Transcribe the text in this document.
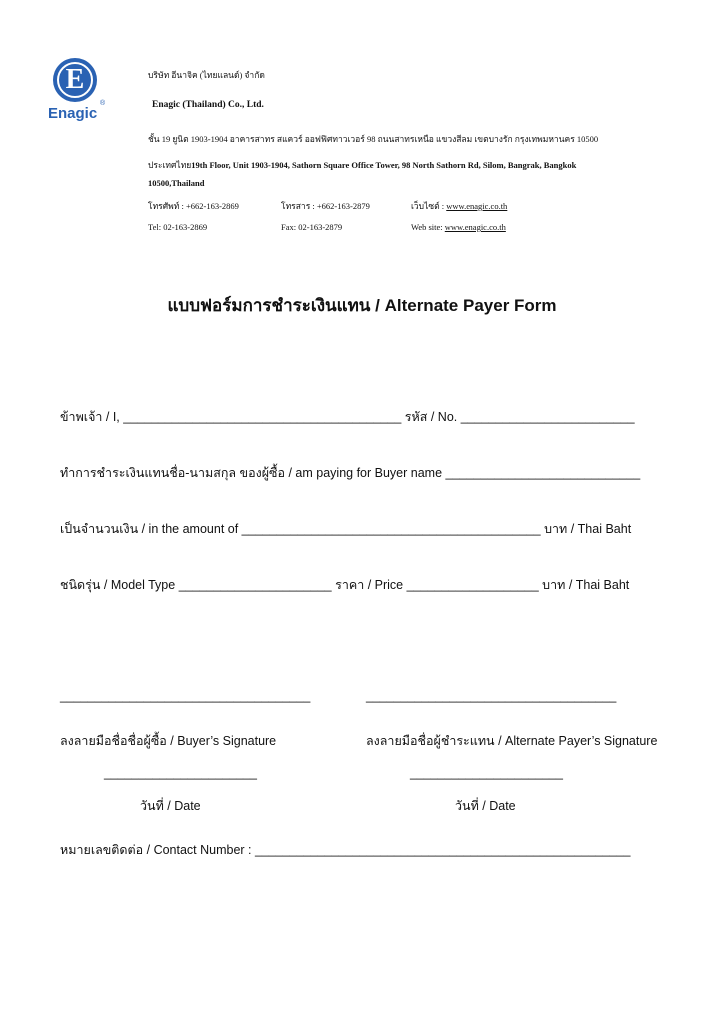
E
Enagic
®
บริษัท อีนาจิค (ไทยแลนด์) จำกัด
Enagic (Thailand) Co., Ltd.
ชั้น 19 ยูนิต 1903-1904 อาคารสาทร สแควร์ ออฟฟิศทาวเวอร์ 98 ถนนสาทรเหนือ แขวงสีลม เขตบางรัก กรุงเทพมหานคร 10500
ประเทศไทย19th Floor, Unit 1903-1904, Sathorn Square Office Tower, 98 North Sathorn Rd, Silom, Bangrak, Bangkok
10500,Thailand
โทรศัพท์ : +662-163-2869	โทรสาร : +662-163-2879	เว็บไซต์ : www.enagic.co.th
Tel: 02-163-2869	Fax: 02-163-2879	Web site: www.enagic.co.th
แบบฟอร์มการชำระเงินแทน / Alternate Payer Form
ข้าพเจ้า / I, ________________________________________ รหัส / No. _________________________
ทำการชำระเงินแทนชื่อ-นามสกุล ของผู้ซื้อ / am paying for Buyer name ____________________________
เป็นจำนวนเงิน / in the amount of ___________________________________________ บาท / Thai Baht
ชนิดรุ่น / Model Type ______________________ ราคา / Price ___________________ บาท / Thai Baht
____________________________________	____________________________________
ลงลายมือชื่อชื่อผู้ซื้อ / Buyer’s Signature	ลงลายมือชื่อผู้ชำระแทน / Alternate Payer’s Signature
______________________	______________________
วันที่ / Date	วันที่ / Date
หมายเลขติดต่อ / Contact Number : ______________________________________________________
